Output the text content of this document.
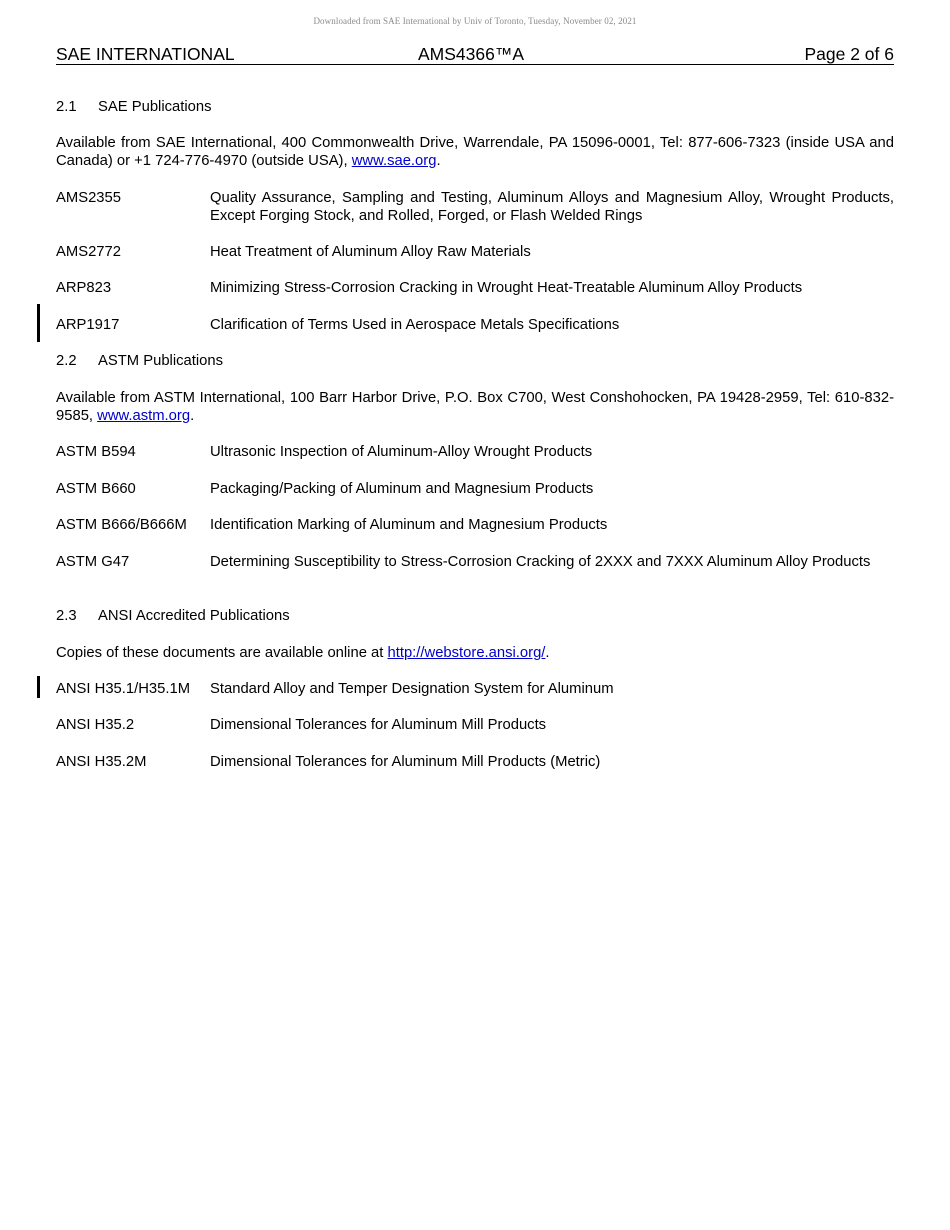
Downloaded from SAE International by Univ of Toronto, Tuesday, November 02, 2021
SAE INTERNATIONAL	AMS4366™A	Page 2 of 6
2.1 SAE Publications
Available from SAE International, 400 Commonwealth Drive, Warrendale, PA 15096-0001, Tel: 877-606-7323 (inside USA and Canada) or +1 724-776-4970 (outside USA), www.sae.org.
AMS2355	Quality Assurance, Sampling and Testing, Aluminum Alloys and Magnesium Alloy, Wrought Products, Except Forging Stock, and Rolled, Forged, or Flash Welded Rings
AMS2772	Heat Treatment of Aluminum Alloy Raw Materials
ARP823	Minimizing Stress-Corrosion Cracking in Wrought Heat-Treatable Aluminum Alloy Products
ARP1917	Clarification of Terms Used in Aerospace Metals Specifications
2.2 ASTM Publications
Available from ASTM International, 100 Barr Harbor Drive, P.O. Box C700, West Conshohocken, PA 19428-2959, Tel: 610-832-9585, www.astm.org.
ASTM B594	Ultrasonic Inspection of Aluminum-Alloy Wrought Products
ASTM B660	Packaging/Packing of Aluminum and Magnesium Products
ASTM B666/B666M Identification Marking of Aluminum and Magnesium Products
ASTM G47	Determining Susceptibility to Stress-Corrosion Cracking of 2XXX and 7XXX Aluminum Alloy Products
2.3 ANSI Accredited Publications
Copies of these documents are available online at http://webstore.ansi.org/.
ANSI H35.1/H35.1M Standard Alloy and Temper Designation System for Aluminum
ANSI H35.2	Dimensional Tolerances for Aluminum Mill Products
ANSI H35.2M	Dimensional Tolerances for Aluminum Mill Products (Metric)
